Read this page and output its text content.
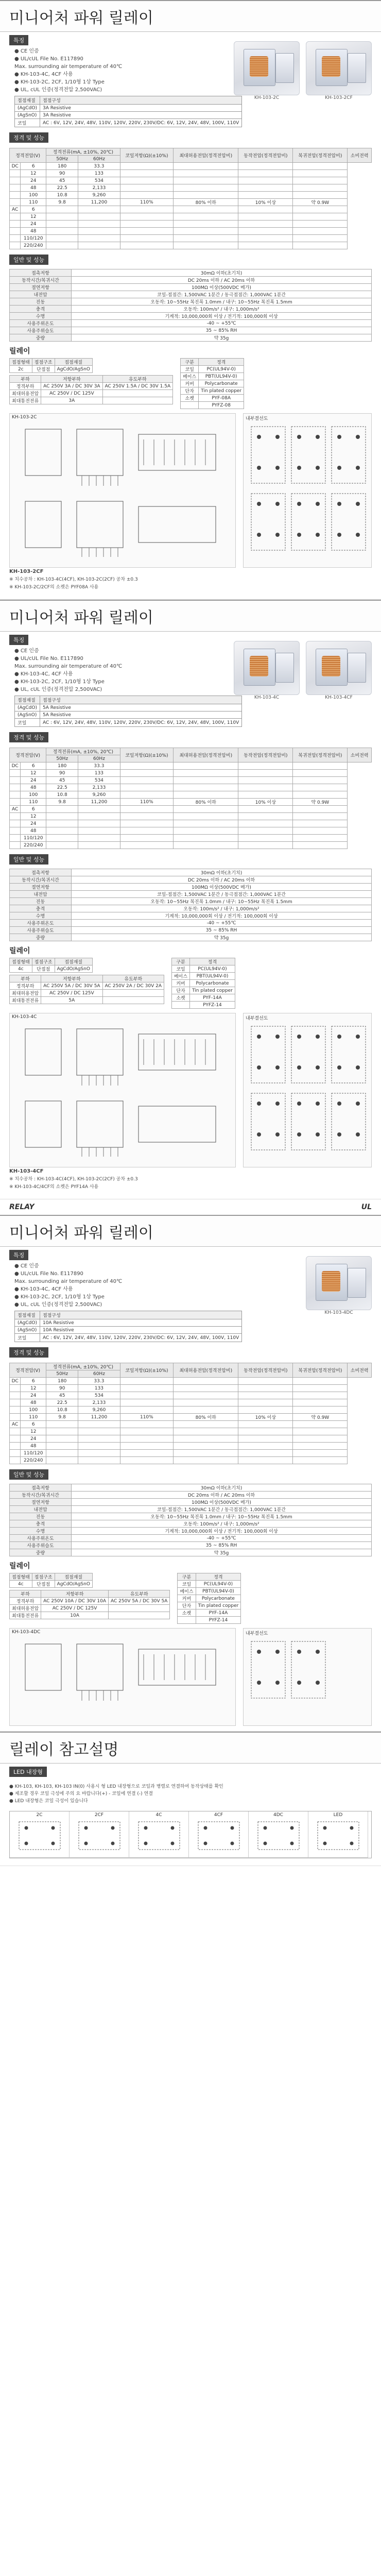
미니어처 파워 릴레이
특징
● CE 인증
● UL/cUL File No. E117890
Max. surrounding air temperature of 40℃
● KH-103-4C, 4CF 사용
● KH-103-2C, 2CF, 1/10형 1상 Type
● UL, cUL 인증(정격전압 2,500VAC)
접점재질	접점구성
(AgCdO)	3A Resistive
(AgSnO)	3A Resistive
코일	AC : 6V, 12V, 24V, 48V, 110V, 120V, 220V, 230V/DC: 6V, 12V, 24V, 48V, 100V, 110V
KH-103-2C	KH-103-2CF
정격 및 성능
정격전압(V)		정격전류(mA, ±10%, 20℃)		코일저항(Ω)(±10%)	최대허용전압(정격전압비)	동작전압(정격전압비)	복귀전압(정격전압비)	소비전력
		50Hz	60Hz					
DC	6	180	33.3					
	12	90	133					
	24	45	534					
	48	22.5	2,133					
	100	10.8	9,260					
	110	9.8	11,200	110%	80% 이하	10% 이상	약 0.9W	
AC	6							
	12							
	24							
	48							
	110/120							
	220/240							
일반 및 성능
접촉저항	30mΩ 이하(초기치)
동작시간/복귀시간	DC 20ms 이하 / AC 20ms 이하
절연저항	100MΩ 이상(500VDC 메가)
내전압	코일-접점간: 1,500VAC 1분간 / 동극접점간: 1,000VAC 1분간
진동	오동작: 10~55Hz 복진폭 1.0mm / 내구: 10~55Hz 복진폭 1.5mm
충격	오동작: 100m/s² / 내구: 1,000m/s²
수명	기계적: 10,000,000회 이상 / 전기적: 100,000회 이상
사용주위온도	-40 ~ +55℃
사용주위습도	35 ~ 85% RH
중량	약 35g
릴레이
접점형태	접점구조	접점재질
2c	단접점	AgCdO/AgSnO
부하	저항부하	유도부하
정격부하	AC 250V 3A / DC 30V 3A	AC 250V 1.5A / DC 30V 1.5A
최대허용전압	AC 250V / DC 125V	
최대통전전류	3A	
구분	정격
코일	PC(UL94V-0)
베이스	PBT(UL94V-0)
커버	Polycarbonate
단자	Tin plated copper
소켓	PYF-08A
	PYFZ-08
KH-103-2C	내부결선도
KH-103-2CF
※ 치수공차 : KH-103-4C(4CF), KH-103-2C(2CF) 공차 ±0.3
※ KH-103-2C/2CF의 소켓은 PYF08A 사용
미니어처 파워 릴레이
특징
● CE 인증
● UL/cUL File No. E117890
Max. surrounding air temperature of 40℃
● KH-103-4C, 4CF 사용
● KH-103-2C, 2CF, 1/10형 1상 Type
● UL, cUL 인증(정격전압 2,500VAC)
접점재질	접점구성
(AgCdO)	5A Resistive
(AgSnO)	5A Resistive
코일	AC : 6V, 12V, 24V, 48V, 110V, 120V, 220V, 230V/DC: 6V, 12V, 24V, 48V, 100V, 110V
KH-103-4C	KH-103-4CF
정격 및 성능
정격전압(V)		정격전류(mA, ±10%, 20℃)		코일저항(Ω)(±10%)	최대허용전압(정격전압비)	동작전압(정격전압비)	복귀전압(정격전압비)	소비전력
		50Hz	60Hz					
DC	6	180	33.3					
	12	90	133					
	24	45	534					
	48	22.5	2,133					
	100	10.8	9,260					
	110	9.8	11,200	110%	80% 이하	10% 이상	약 0.9W	
AC	6							
	12							
	24							
	48							
	110/120							
	220/240							
일반 및 성능
접촉저항	30mΩ 이하(초기치)
동작시간/복귀시간	DC 20ms 이하 / AC 20ms 이하
절연저항	100MΩ 이상(500VDC 메가)
내전압	코일-접점간: 1,500VAC 1분간 / 동극접점간: 1,000VAC 1분간
진동	오동작: 10~55Hz 복진폭 1.0mm / 내구: 10~55Hz 복진폭 1.5mm
충격	오동작: 100m/s² / 내구: 1,000m/s²
수명	기계적: 10,000,000회 이상 / 전기적: 100,000회 이상
사용주위온도	-40 ~ +55℃
사용주위습도	35 ~ 85% RH
중량	약 35g
릴레이
접점형태	접점구조	접점재질
4c	단접점	AgCdO/AgSnO
부하	저항부하	유도부하
정격부하	AC 250V 5A / DC 30V 5A	AC 250V 2A / DC 30V 2A
최대허용전압	AC 250V / DC 125V	
최대통전전류	5A	
구분	정격
코일	PC(UL94V-0)
베이스	PBT(UL94V-0)
커버	Polycarbonate
단자	Tin plated copper
소켓	PYF-14A
	PYFZ-14
KH-103-4C	내부결선도
KH-103-4CF
※ 치수공차 : KH-103-4C(4CF), KH-103-2C(2CF) 공차 ±0.3
※ KH-103-4C/4CF의 소켓은 PYF14A 사용
RELAY	UL
미니어처 파워 릴레이
특징
● CE 인증
● UL/cUL File No. E117890
Max. surrounding air temperature of 40℃
● KH-103-4C, 4CF 사용
● KH-103-2C, 2CF, 1/10형 1상 Type
● UL, cUL 인증(정격전압 2,500VAC)
접점재질	접점구성
(AgCdO)	10A Resistive
(AgSnO)	10A Resistive
코일	AC : 6V, 12V, 24V, 48V, 110V, 120V, 220V, 230V/DC: 6V, 12V, 24V, 48V, 100V, 110V
KH-103-4DC
정격 및 성능
정격전압(V)		정격전류(mA, ±10%, 20℃)		코일저항(Ω)(±10%)	최대허용전압(정격전압비)	동작전압(정격전압비)	복귀전압(정격전압비)	소비전력
		50Hz	60Hz					
DC	6	180	33.3					
	12	90	133					
	24	45	534					
	48	22.5	2,133					
	100	10.8	9,260					
	110	9.8	11,200	110%	80% 이하	10% 이상	약 0.9W	
AC	6							
	12							
	24							
	48							
	110/120							
	220/240							
일반 및 성능
접촉저항	30mΩ 이하(초기치)
동작시간/복귀시간	DC 20ms 이하 / AC 20ms 이하
절연저항	100MΩ 이상(500VDC 메가)
내전압	코일-접점간: 1,500VAC 1분간 / 동극접점간: 1,000VAC 1분간
진동	오동작: 10~55Hz 복진폭 1.0mm / 내구: 10~55Hz 복진폭 1.5mm
충격	오동작: 100m/s² / 내구: 1,000m/s²
수명	기계적: 10,000,000회 이상 / 전기적: 100,000회 이상
사용주위온도	-40 ~ +55℃
사용주위습도	35 ~ 85% RH
중량	약 35g
릴레이
접점형태	접점구조	접점재질
4c	단접점	AgCdO/AgSnO
부하	저항부하	유도부하
정격부하	AC 250V 10A / DC 30V 10A	AC 250V 5A / DC 30V 5A
최대허용전압	AC 250V / DC 125V	
최대통전전류	10A	
구분	정격
코일	PC(UL94V-0)
베이스	PBT(UL94V-0)
커버	Polycarbonate
단자	Tin plated copper
소켓	PYF-14A
	PYFZ-14
KH-103-4DC	내부결선도
릴레이 참고설명
LED 내장형
● KH-103, KH-103, KH-103 IN(0) 사용시 형 LED 내장형으로 코일과 병렬로 연결하여 동작상태를 확인
● 제조할 경우 코일 극성에 주의 요 바랍니다(+) - 코일에 연결 (-) 연결
● LED 내장형은 코일 극성이 있습니다
2C	2CF	4C	4CF	4DC	LED
